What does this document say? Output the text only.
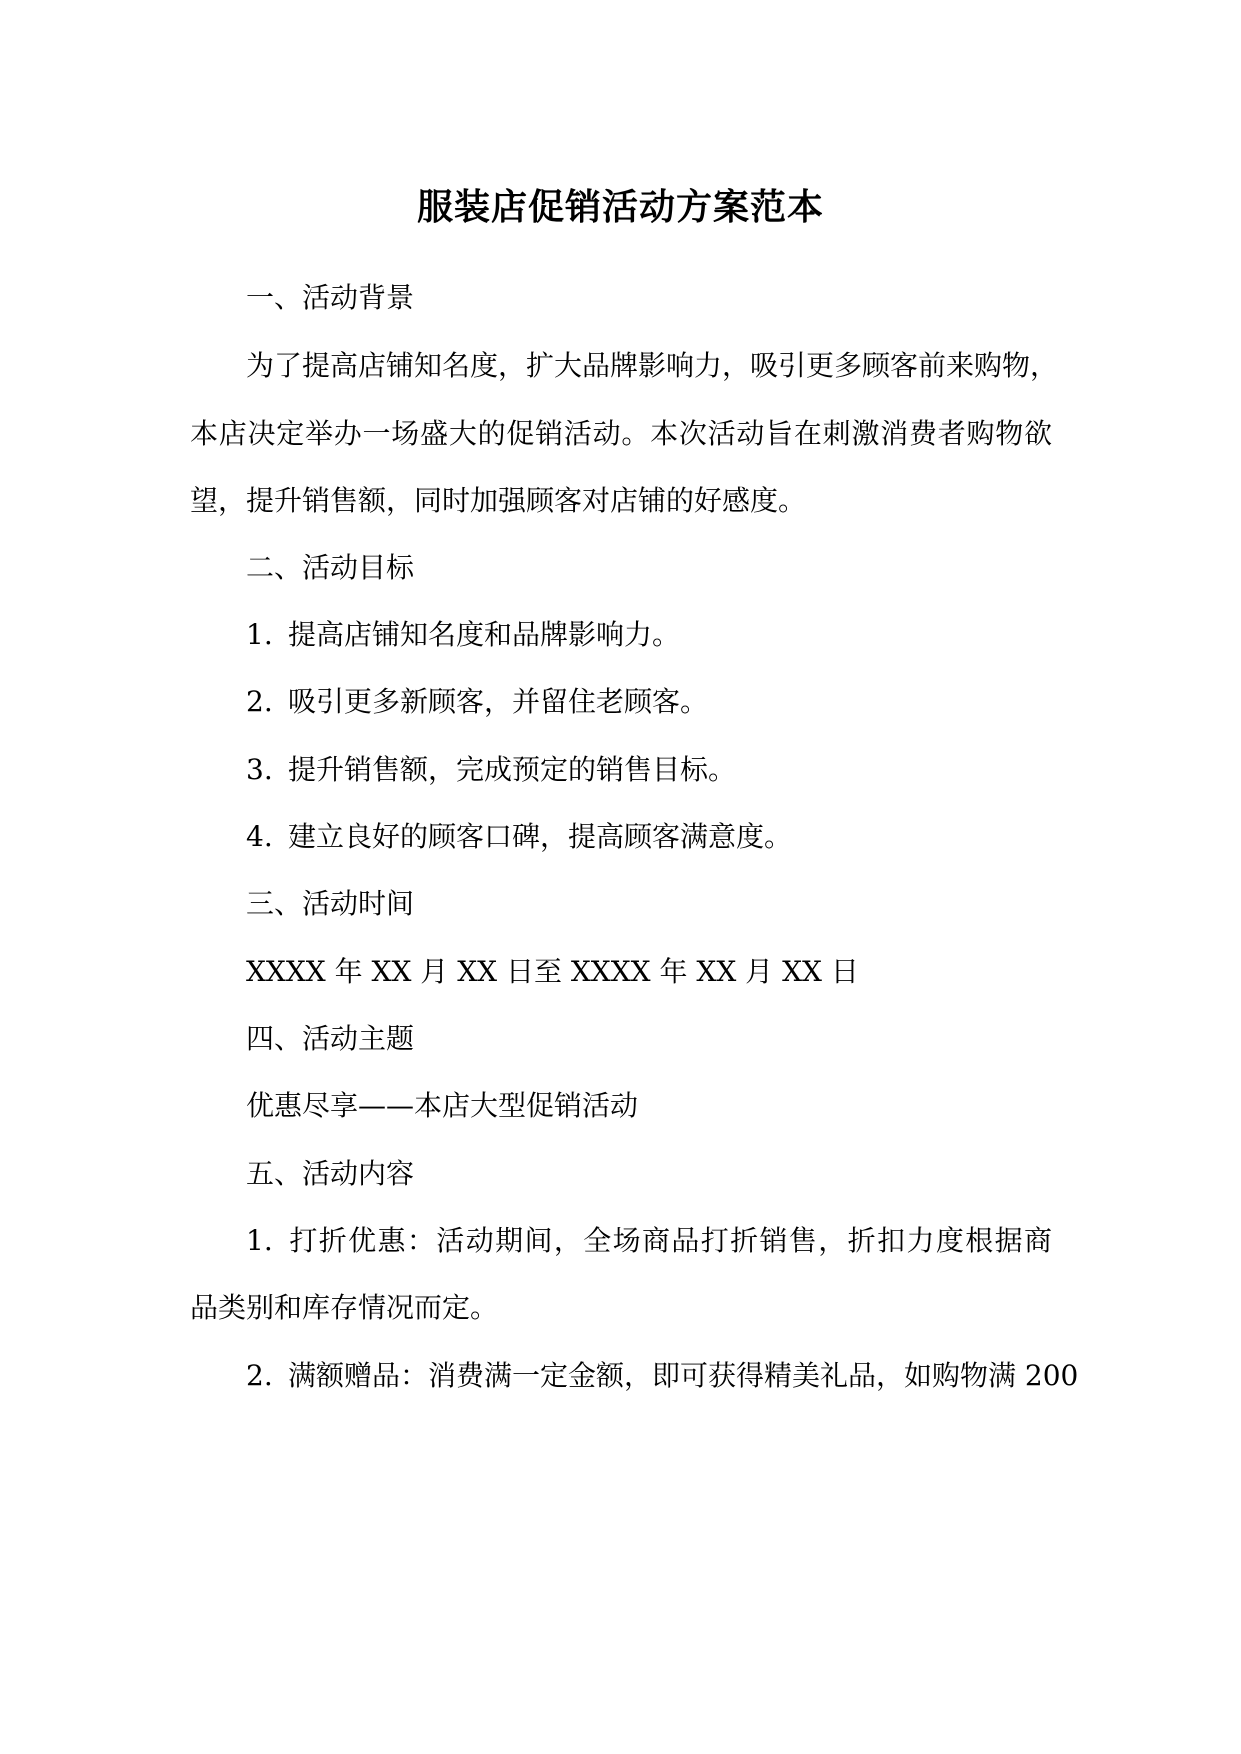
服装店促销活动方案范本
一、活动背景
为了提高店铺知名度，扩大品牌影响力，吸引更多顾客前来购物，
本店决定举办一场盛大的促销活动。本次活动旨在刺激消费者购物欲
望，提升销售额，同时加强顾客对店铺的好感度。
二、活动目标
1. 提高店铺知名度和品牌影响力。
2. 吸引更多新顾客，并留住老顾客。
3. 提升销售额，完成预定的销售目标。
4. 建立良好的顾客口碑，提高顾客满意度。
三、活动时间
XXXX 年 XX 月 XX 日至 XXXX 年 XX 月 XX 日
四、活动主题
优惠尽享——本店大型促销活动
五、活动内容
1. 打折优惠：活动期间，全场商品打折销售，折扣力度根据商
品类别和库存情况而定。
2. 满额赠品：消费满一定金额，即可获得精美礼品，如购物满 200
